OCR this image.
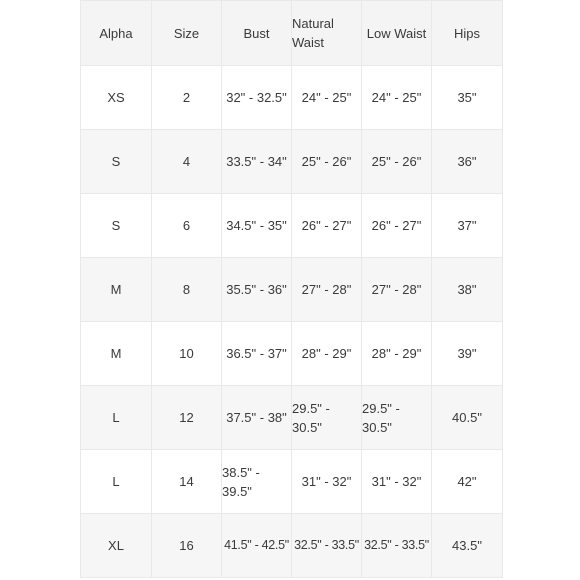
Alpha	Size	Bust	Natural Waist	Low Waist	Hips
XS	2	32" - 32.5"	24" - 25"	24" - 25"	35"
S	4	33.5" - 34"	25" - 26"	25" - 26"	36"
S	6	34.5" - 35"	26" - 27"	26" - 27"	37"
M	8	35.5" - 36"	27" - 28"	27" - 28"	38"
M	10	36.5" - 37"	28" - 29"	28" - 29"	39"
L	12	37.5" - 38"	29.5" - 30.5"	29.5" - 30.5"	40.5"
L	14	38.5" - 39.5"	31" - 32"	31" - 32"	42"
XL	16	41.5" - 42.5"	32.5" - 33.5"	32.5" - 33.5"	43.5"
